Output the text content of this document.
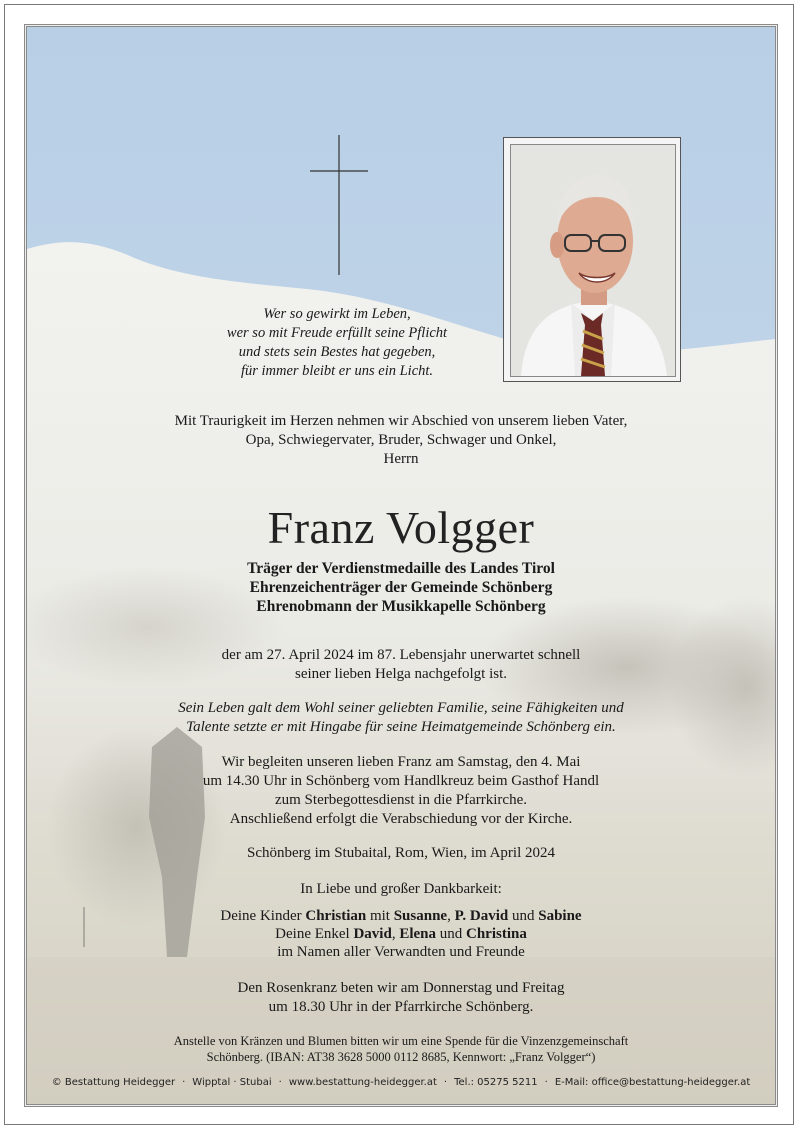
Wer so gewirkt im Leben,
wer so mit Freude erfüllt seine Pflicht
und stets sein Bestes hat gegeben,
für immer bleibt er uns ein Licht.
Mit Traurigkeit im Herzen nehmen wir Abschied von unserem lieben Vater,
Opa, Schwiegervater, Bruder, Schwager und Onkel,
Herrn
Franz Volgger
Träger der Verdienstmedaille des Landes Tirol
Ehrenzeichenträger der Gemeinde Schönberg
Ehrenobmann der Musikkapelle Schönberg
der am 27. April 2024 im 87. Lebensjahr unerwartet schnell
seiner lieben Helga nachgefolgt ist.
Sein Leben galt dem Wohl seiner geliebten Familie, seine Fähigkeiten und
Talente setzte er mit Hingabe für seine Heimatgemeinde Schönberg ein.
Wir begleiten unseren lieben Franz am Samstag, den 4. Mai
um 14.30 Uhr in Schönberg vom Handlkreuz beim Gasthof Handl
zum Sterbegottesdienst in die Pfarrkirche.
Anschließend erfolgt die Verabschiedung vor der Kirche.
Schönberg im Stubaital, Rom, Wien, im April 2024
In Liebe und großer Dankbarkeit:
Deine Kinder Christian mit Susanne, P. David und Sabine
Deine Enkel David, Elena und Christina
im Namen aller Verwandten und Freunde
Den Rosenkranz beten wir am Donnerstag und Freitag
um 18.30 Uhr in der Pfarrkirche Schönberg.
Anstelle von Kränzen und Blumen bitten wir um eine Spende für die Vinzenzgemeinschaft
Schönberg. (IBAN: AT38 3628 5000 0112 8685, Kennwort: „Franz Volgger“)
© Bestattung Heidegger · Wipptal · Stubai · www.bestattung-heidegger.at · Tel.: 05275 5211 · E-Mail: office@bestattung-heidegger.at
